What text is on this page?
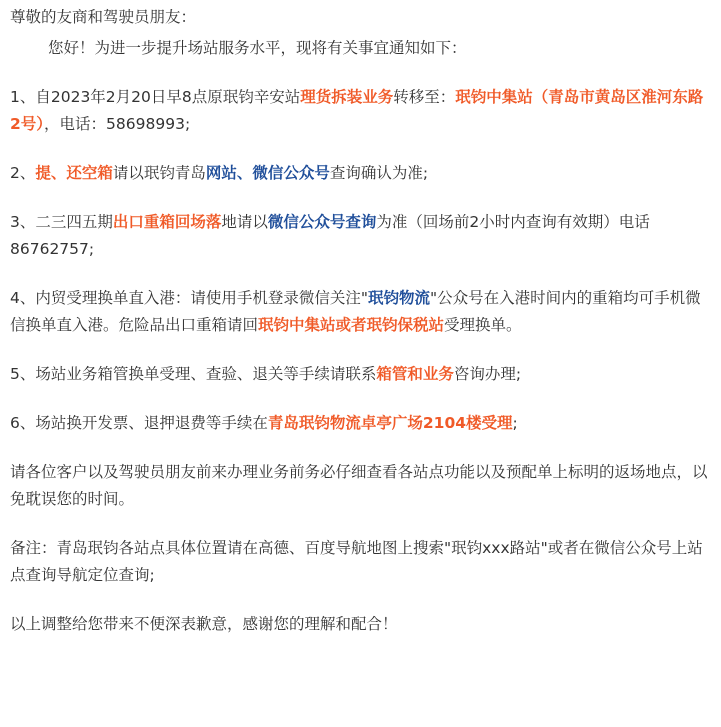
尊敬的友商和驾驶员朋友：

您好！为进一步提升场站服务水平，现将有关事宜通知如下：

1、自2023年2月20日早8点原珉钧辛安站理货拆装业务转移至：珉钧中集站（青岛市黄岛区淮河东路2号），电话：58698993;

2、提、还空箱请以珉钧青岛网站、微信公众号查询确认为准;

3、二三四五期出口重箱回场落地请以微信公众号查询为准（回场前2小时内查询有效期）电话86762757;

4、内贸受理换单直入港：请使用手机登录微信关注"珉钧物流"公众号在入港时间内的重箱均可手机微信换单直入港。危险品出口重箱请回珉钧中集站或者珉钧保税站受理换单。

5、场站业务箱管换单受理、查验、退关等手续请联系箱管和业务咨询办理;

6、场站换开发票、退押退费等手续在青岛珉钧物流卓亭广场2104楼受理;

请各位客户以及驾驶员朋友前来办理业务前务必仔细查看各站点功能以及预配单上标明的返场地点，以免耽误您的时间。

备注：青岛珉钧各站点具体位置请在高德、百度导航地图上搜索"珉钧xxx路站"或者在微信公众号上站点查询导航定位查询;

以上调整给您带来不便深表歉意，感谢您的理解和配合！
